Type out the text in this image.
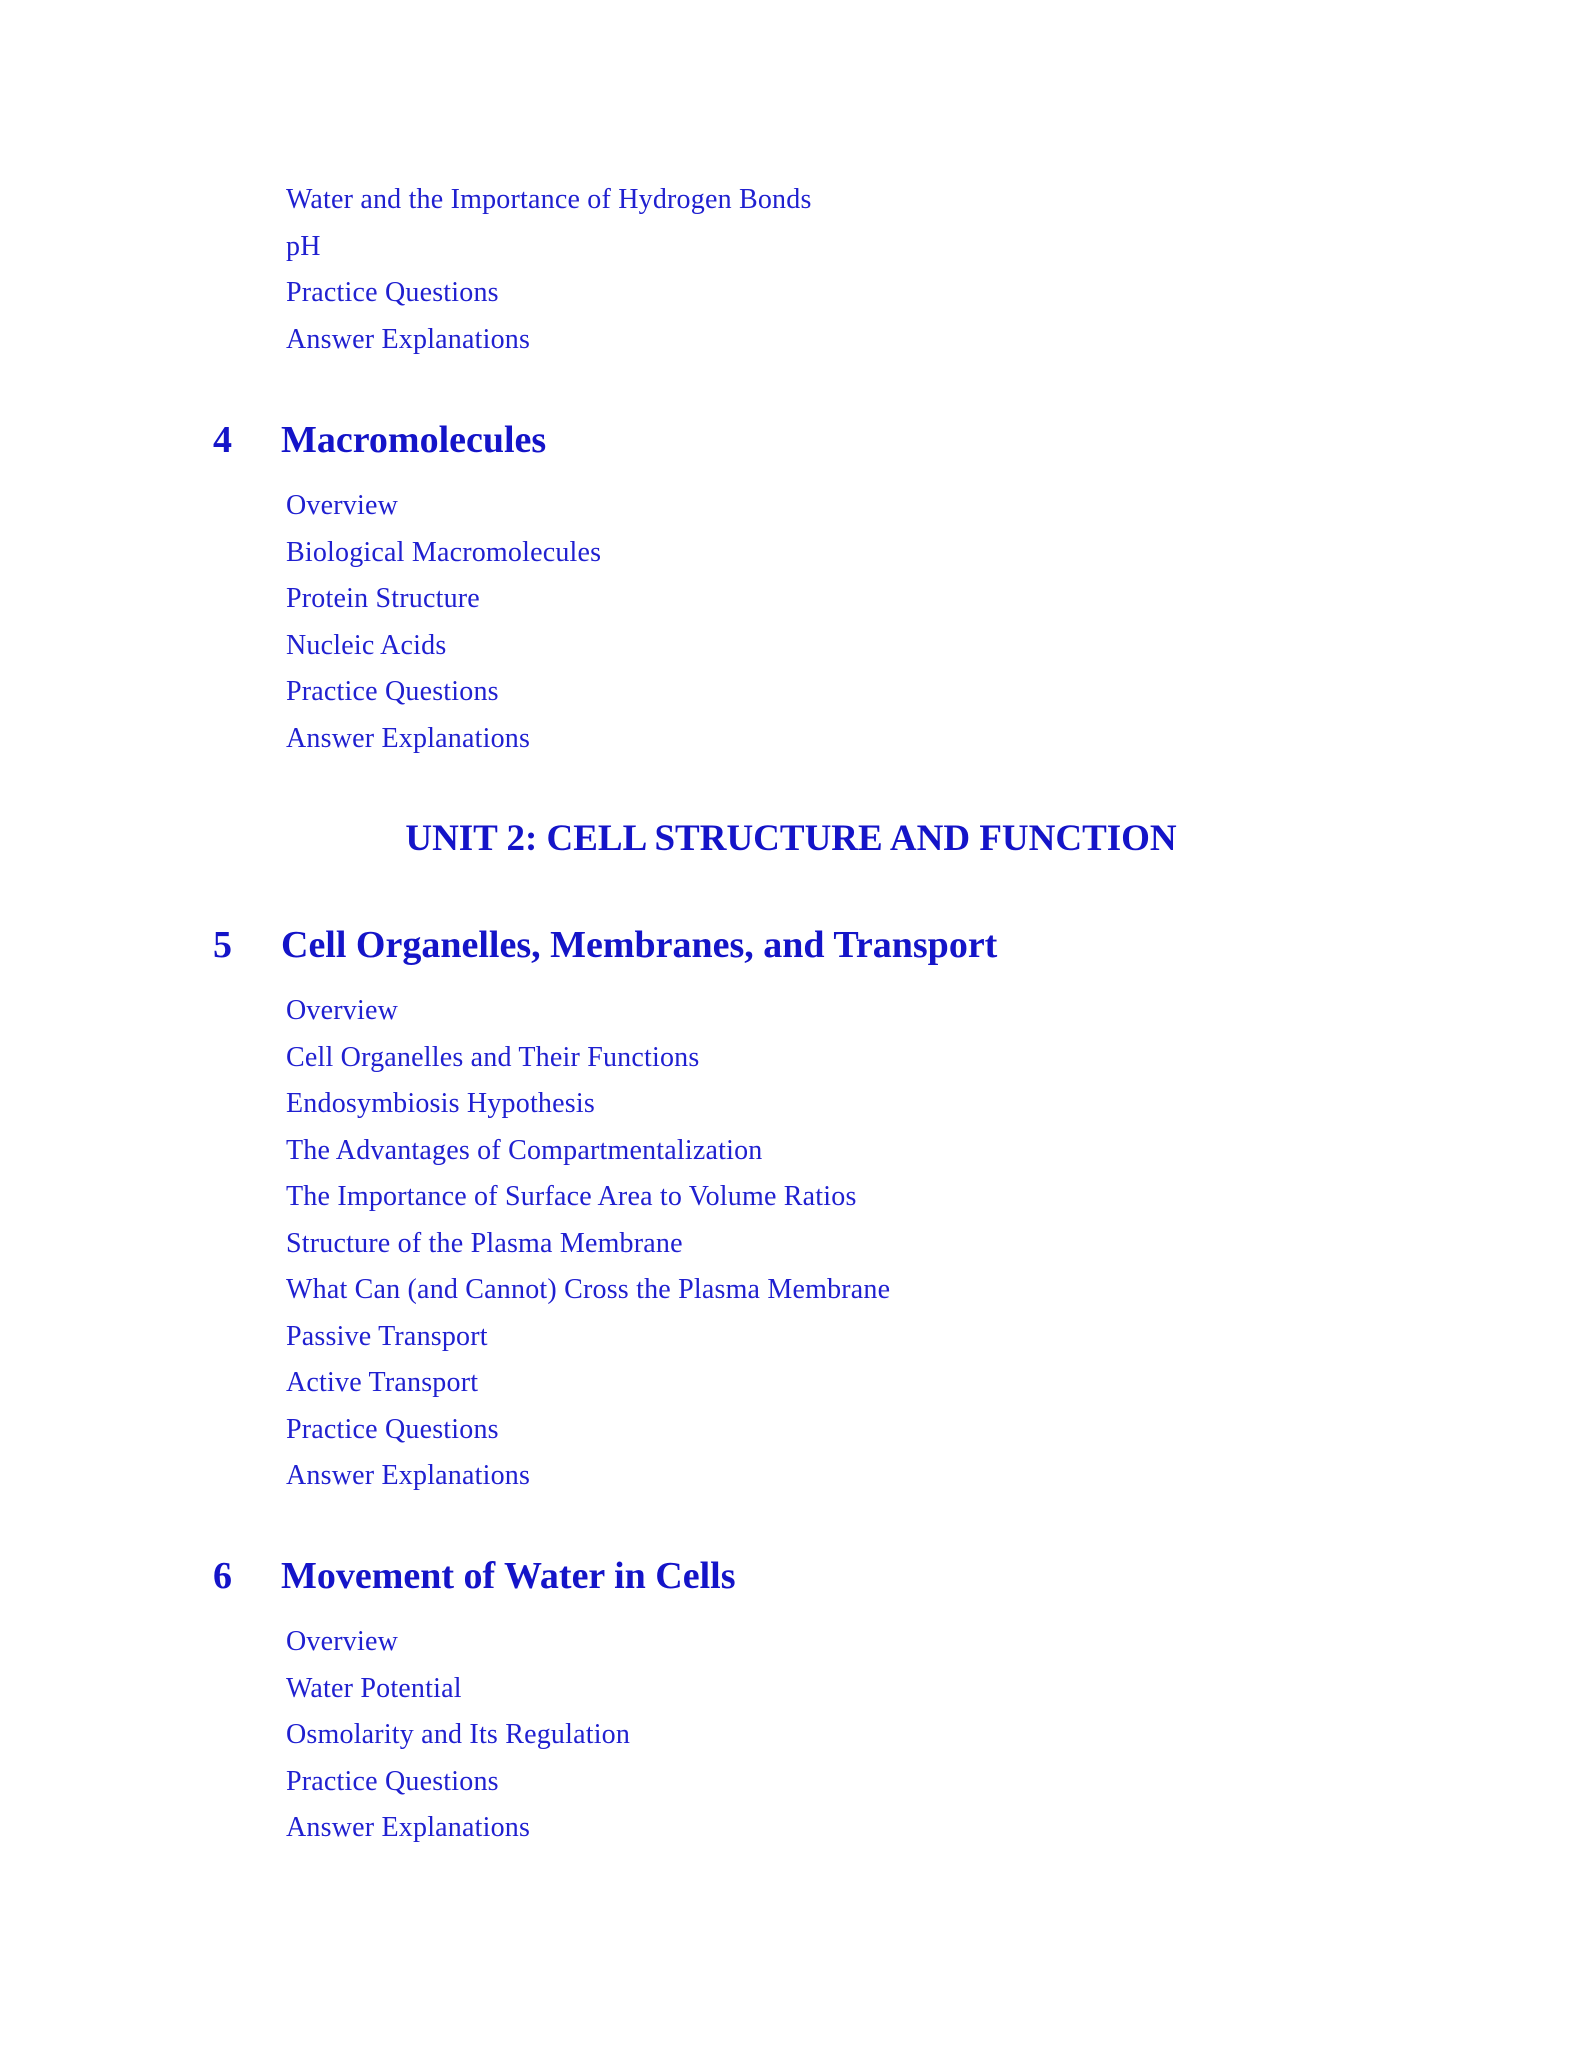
Water and the Importance of Hydrogen Bonds
pH
Practice Questions
Answer Explanations
4 Macromolecules
Overview
Biological Macromolecules
Protein Structure
Nucleic Acids
Practice Questions
Answer Explanations
UNIT 2: CELL STRUCTURE AND FUNCTION
5 Cell Organelles, Membranes, and Transport
Overview
Cell Organelles and Their Functions
Endosymbiosis Hypothesis
The Advantages of Compartmentalization
The Importance of Surface Area to Volume Ratios
Structure of the Plasma Membrane
What Can (and Cannot) Cross the Plasma Membrane
Passive Transport
Active Transport
Practice Questions
Answer Explanations
6 Movement of Water in Cells
Overview
Water Potential
Osmolarity and Its Regulation
Practice Questions
Answer Explanations
